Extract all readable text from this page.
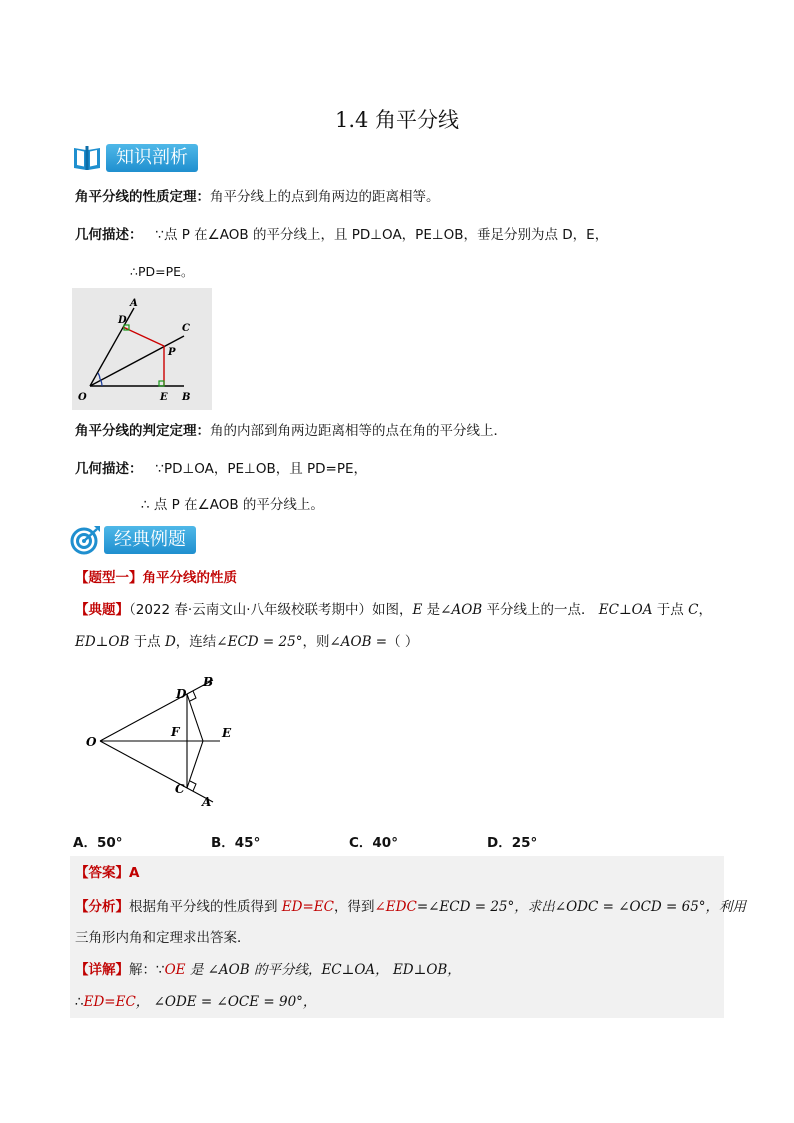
1.4 角平分线
知识剖析
角平分线的性质定理：角平分线上的点到角两边的距离相等。
几何描述： ∵点 P 在∠AOB 的平分线上，且 PD⊥OA，PE⊥OB，垂足分别为点 D，E，
∴PD=PE。
A
D
C
P
O	E B
角平分线的判定定理：角的内部到角两边距离相等的点在角的平分线上．
几何描述： ∵PD⊥OA，PE⊥OB，且 PD=PE，
∴ 点 P 在∠AOB 的平分线上。
经典例题
【题型一】角平分线的性质
【典题】（2022 春·云南文山·八年级校联考期中）如图，E 是∠AOB 平分线上的一点． EC⊥OA 于点 C，
ED⊥OB 于点 D，连结∠ECD = 25°，则∠AOB =（ ）
B
D
F
O
E
C
A
A．50°	B．45°	C．40°	D．25°
【答案】A
【分析】根据角平分线的性质得到 ED=EC，得到∠EDC=∠ECD = 25°，求出∠ODC = ∠OCD = 65°，利用
三角形内角和定理求出答案．
【详解】解：∵OE 是 ∠AOB 的平分线，EC⊥OA， ED⊥OB，
∴ED=EC， ∠ODE = ∠OCE = 90°，
